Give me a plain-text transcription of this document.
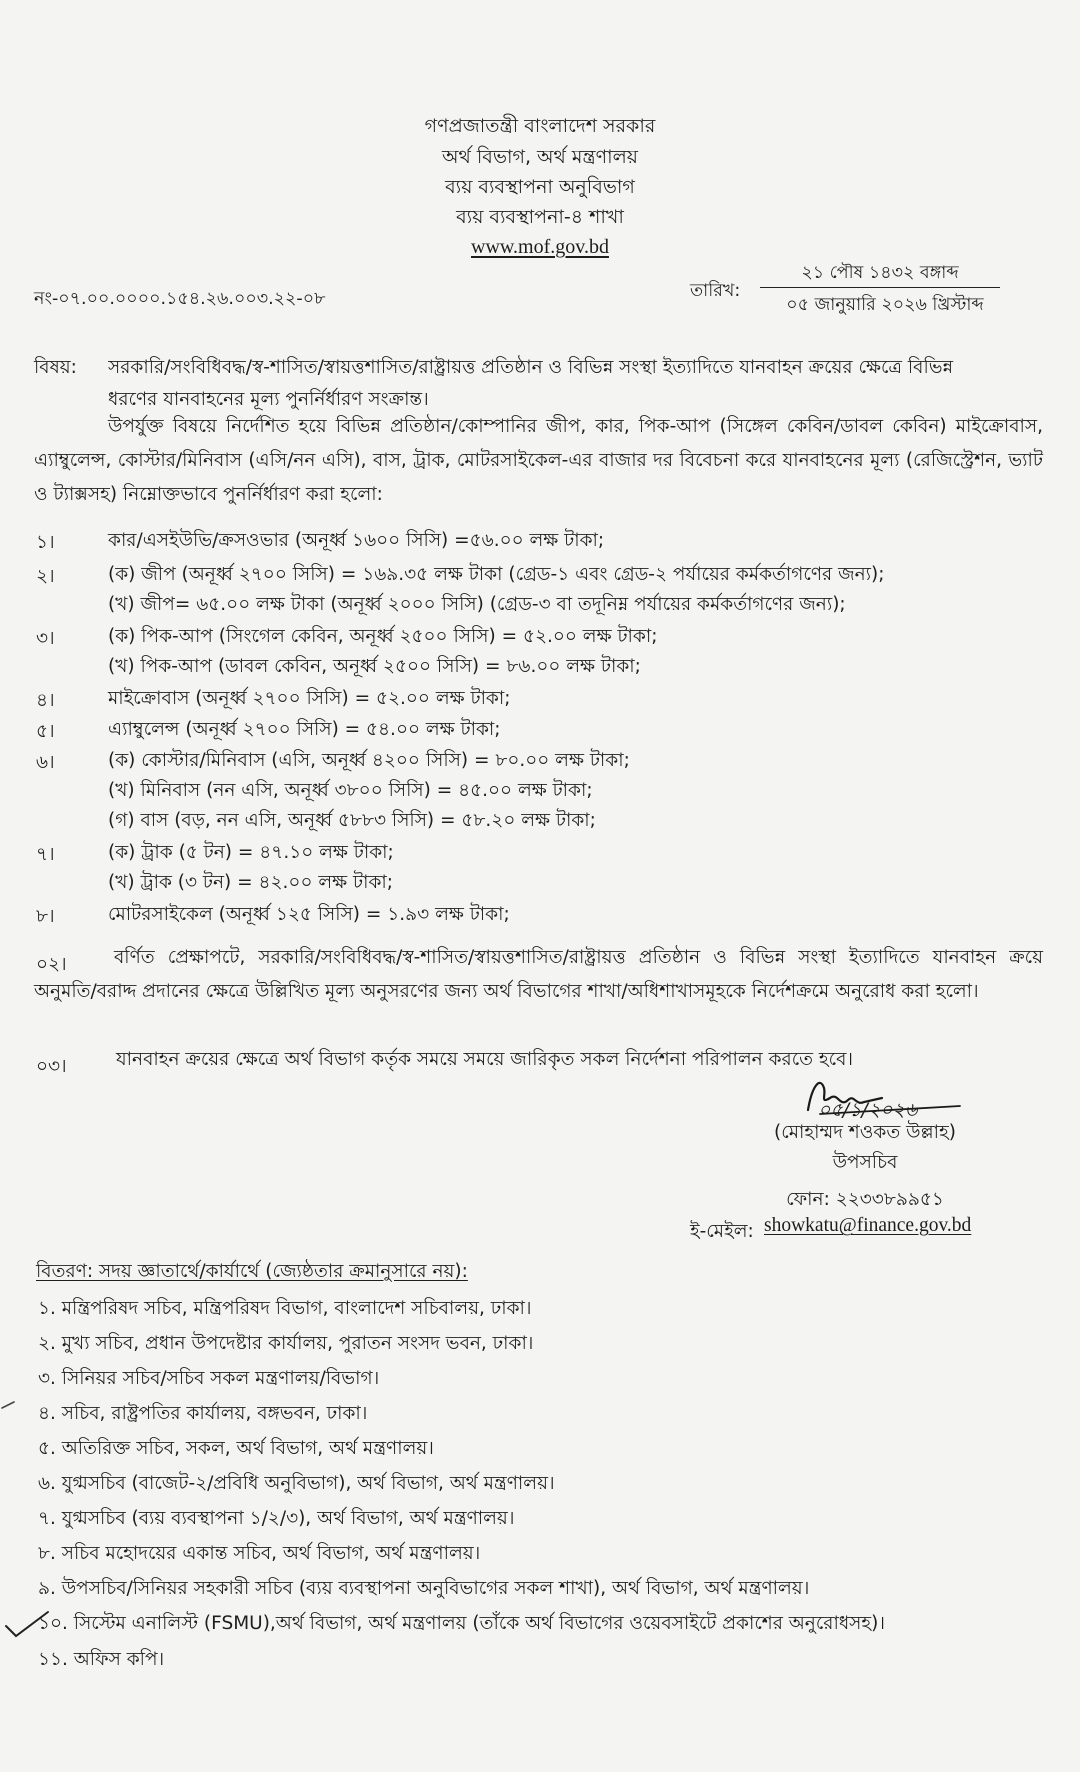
গণপ্রজাতন্ত্রী বাংলাদেশ সরকার
অর্থ বিভাগ, অর্থ মন্ত্রণালয়
ব্যয় ব্যবস্থাপনা অনুবিভাগ
ব্যয় ব্যবস্থাপনা-৪ শাখা
www.mof.gov.bd
নং-০৭.০০.০০০০.১৫৪.২৬.০০৩.২২-০৮	তারিখ:
২১ পৌষ ১৪৩২ বঙ্গাব্দ
০৫ জানুয়ারি ২০২৬ খ্রিস্টাব্দ
বিষয়: সরকারি/সংবিধিবদ্ধ/স্ব-শাসিত/স্বায়ত্তশাসিত/রাষ্ট্রায়ত্ত প্রতিষ্ঠান ও বিভিন্ন সংস্থা ইত্যাদিতে যানবাহন ক্রয়ের ক্ষেত্রে বিভিন্ন
ধরণের যানবাহনের মূল্য পুনর্নির্ধারণ সংক্রান্ত।
উপর্যুক্ত বিষয়ে নির্দেশিত হয়ে বিভিন্ন প্রতিষ্ঠান/কোম্পানির জীপ, কার, পিক-আপ (সিঙ্গেল কেবিন/ডাবল কেবিন) মাইক্রোবাস, এ্যাম্বুলেন্স, কোস্টার/মিনিবাস (এসি/নন এসি), বাস, ট্রাক, মোটরসাইকেল-এর বাজার দর বিবেচনা করে যানবাহনের মূল্য (রেজিস্ট্রেশন, ভ্যাট ও ট্যাক্সসহ) নিম্নোক্তভাবে পুনর্নির্ধারণ করা হলো:
১।	কার/এসইউভি/ক্রসওভার (অনূর্ধ্ব ১৬০০ সিসি) =৫৬.০০ লক্ষ টাকা;
২।	(ক) জীপ (অনূর্ধ্ব ২৭০০ সিসি) = ১৬৯.৩৫ লক্ষ টাকা (গ্রেড-১ এবং গ্রেড-২ পর্যায়ের কর্মকর্তাগণের জন্য);
(খ) জীপ= ৬৫.০০ লক্ষ টাকা (অনূর্ধ্ব ২০০০ সিসি) (গ্রেড-৩ বা তদূনিম্ন পর্যায়ের কর্মকর্তাগণের জন্য);
৩।	(ক) পিক-আপ (সিংগেল কেবিন, অনূর্ধ্ব ২৫০০ সিসি) = ৫২.০০ লক্ষ টাকা;
(খ) পিক-আপ (ডাবল কেবিন, অনূর্ধ্ব ২৫০০ সিসি) = ৮৬.০০ লক্ষ টাকা;
৪।	মাইক্রোবাস (অনূর্ধ্ব ২৭০০ সিসি) = ৫২.০০ লক্ষ টাকা;
৫।	এ্যাম্বুলেন্স (অনূর্ধ্ব ২৭০০ সিসি) = ৫৪.০০ লক্ষ টাকা;
৬।	(ক) কোস্টার/মিনিবাস (এসি, অনূর্ধ্ব ৪২০০ সিসি) = ৮০.০০ লক্ষ টাকা;
(খ) মিনিবাস (নন এসি, অনূর্ধ্ব ৩৮০০ সিসি) = ৪৫.০০ লক্ষ টাকা;
(গ) বাস (বড়, নন এসি, অনূর্ধ্ব ৫৮৮৩ সিসি) = ৫৮.২০ লক্ষ টাকা;
৭।	(ক) ট্রাক (৫ টন) = ৪৭.১০ লক্ষ টাকা;
(খ) ট্রাক (৩ টন) = ৪২.০০ লক্ষ টাকা;
৮।	মোটরসাইকেল (অনূর্ধ্ব ১২৫ সিসি) = ১.৯৩ লক্ষ টাকা;
০২।	বর্ণিত প্রেক্ষাপটে, সরকারি/সংবিধিবদ্ধ/স্ব-শাসিত/স্বায়ত্তশাসিত/রাষ্ট্রায়ত্ত প্রতিষ্ঠান ও বিভিন্ন সংস্থা ইত্যাদিতে যানবাহন ক্রয়ে অনুমতি/বরাদ্দ প্রদানের ক্ষেত্রে উল্লিখিত মূল্য অনুসরণের জন্য অর্থ বিভাগের শাখা/অধিশাখাসমূহকে নির্দেশক্রমে অনুরোধ করা হলো।
০৩।	যানবাহন ক্রয়ের ক্ষেত্রে অর্থ বিভাগ কর্তৃক সময়ে সময়ে জারিকৃত সকল নির্দেশনা পরিপালন করতে হবে।
০৫/১/২০২৬
(মোহাম্মদ শওকত উল্লাহ)
উপসচিব
ফোন: ২২৩৩৮৯৯৫১
ই-মেইল: showkatu@finance.gov.bd
বিতরণ: সদয় জ্ঞাতার্থে/কার্যার্থে (জ্যেষ্ঠতার ক্রমানুসারে নয়):
১. মন্ত্রিপরিষদ সচিব, মন্ত্রিপরিষদ বিভাগ, বাংলাদেশ সচিবালয়, ঢাকা।
২. মুখ্য সচিব, প্রধান উপদেষ্টার কার্যালয়, পুরাতন সংসদ ভবন, ঢাকা।
৩. সিনিয়র সচিব/সচিব সকল মন্ত্রণালয়/বিভাগ।
৪. সচিব, রাষ্ট্রপতির কার্যালয়, বঙ্গভবন, ঢাকা।
৫. অতিরিক্ত সচিব, সকল, অর্থ বিভাগ, অর্থ মন্ত্রণালয়।
৬. যুগ্মসচিব (বাজেট-২/প্রবিধি অনুবিভাগ), অর্থ বিভাগ, অর্থ মন্ত্রণালয়।
৭. যুগ্মসচিব (ব্যয় ব্যবস্থাপনা ১/২/৩), অর্থ বিভাগ, অর্থ মন্ত্রণালয়।
৮. সচিব মহোদয়ের একান্ত সচিব, অর্থ বিভাগ, অর্থ মন্ত্রণালয়।
৯. উপসচিব/সিনিয়র সহকারী সচিব (ব্যয় ব্যবস্থাপনা অনুবিভাগের সকল শাখা), অর্থ বিভাগ, অর্থ মন্ত্রণালয়।
১০. সিস্টেম এনালিস্ট (FSMU),অর্থ বিভাগ, অর্থ মন্ত্রণালয় (তাঁকে অর্থ বিভাগের ওয়েবসাইটে প্রকাশের অনুরোধসহ)।
১১. অফিস কপি।
